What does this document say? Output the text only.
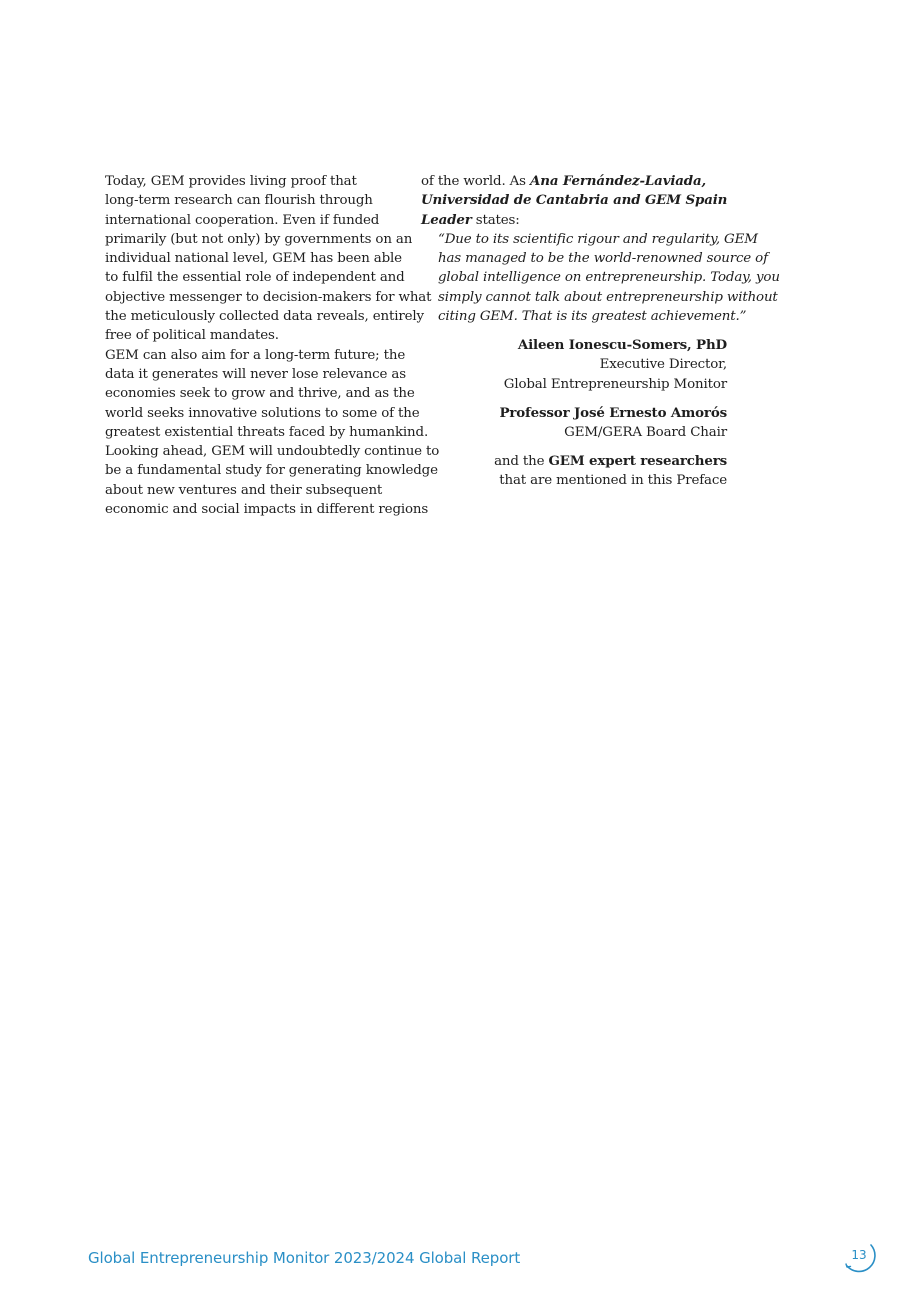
Today, GEM provides living proof that
long-term research can flourish through
international cooperation. Even if funded
primarily (but not only) by governments on an
individual national level, GEM has been able
to fulfil the essential role of independent and
objective messenger to decision-makers for what
the meticulously collected data reveals, entirely
free of political mandates.

GEM can also aim for a long-term future; the
data it generates will never lose relevance as
economies seek to grow and thrive, and as the
world seeks innovative solutions to some of the
greatest existential threats faced by humankind.
Looking ahead, GEM will undoubtedly continue to
be a fundamental study for generating knowledge
about new ventures and their subsequent
economic and social impacts in different regions

of the world. As Ana Fernández-Laviada,
Universidad de Cantabria and GEM Spain
Leader states:

“Due to its scientific rigour and regularity, GEM
has managed to be the world-renowned source of
global intelligence on entrepreneurship. Today, you
simply cannot talk about entrepreneurship without
citing GEM. That is its greatest achievement.”

Aileen Ionescu-Somers, PhD
Executive Director,
Global Entrepreneurship Monitor
Professor José Ernesto Amorós
GEM/GERA Board Chair
and the GEM expert researchers
that are mentioned in this Preface
Global Entrepreneurship Monitor 2023/2024 Global Report	13
